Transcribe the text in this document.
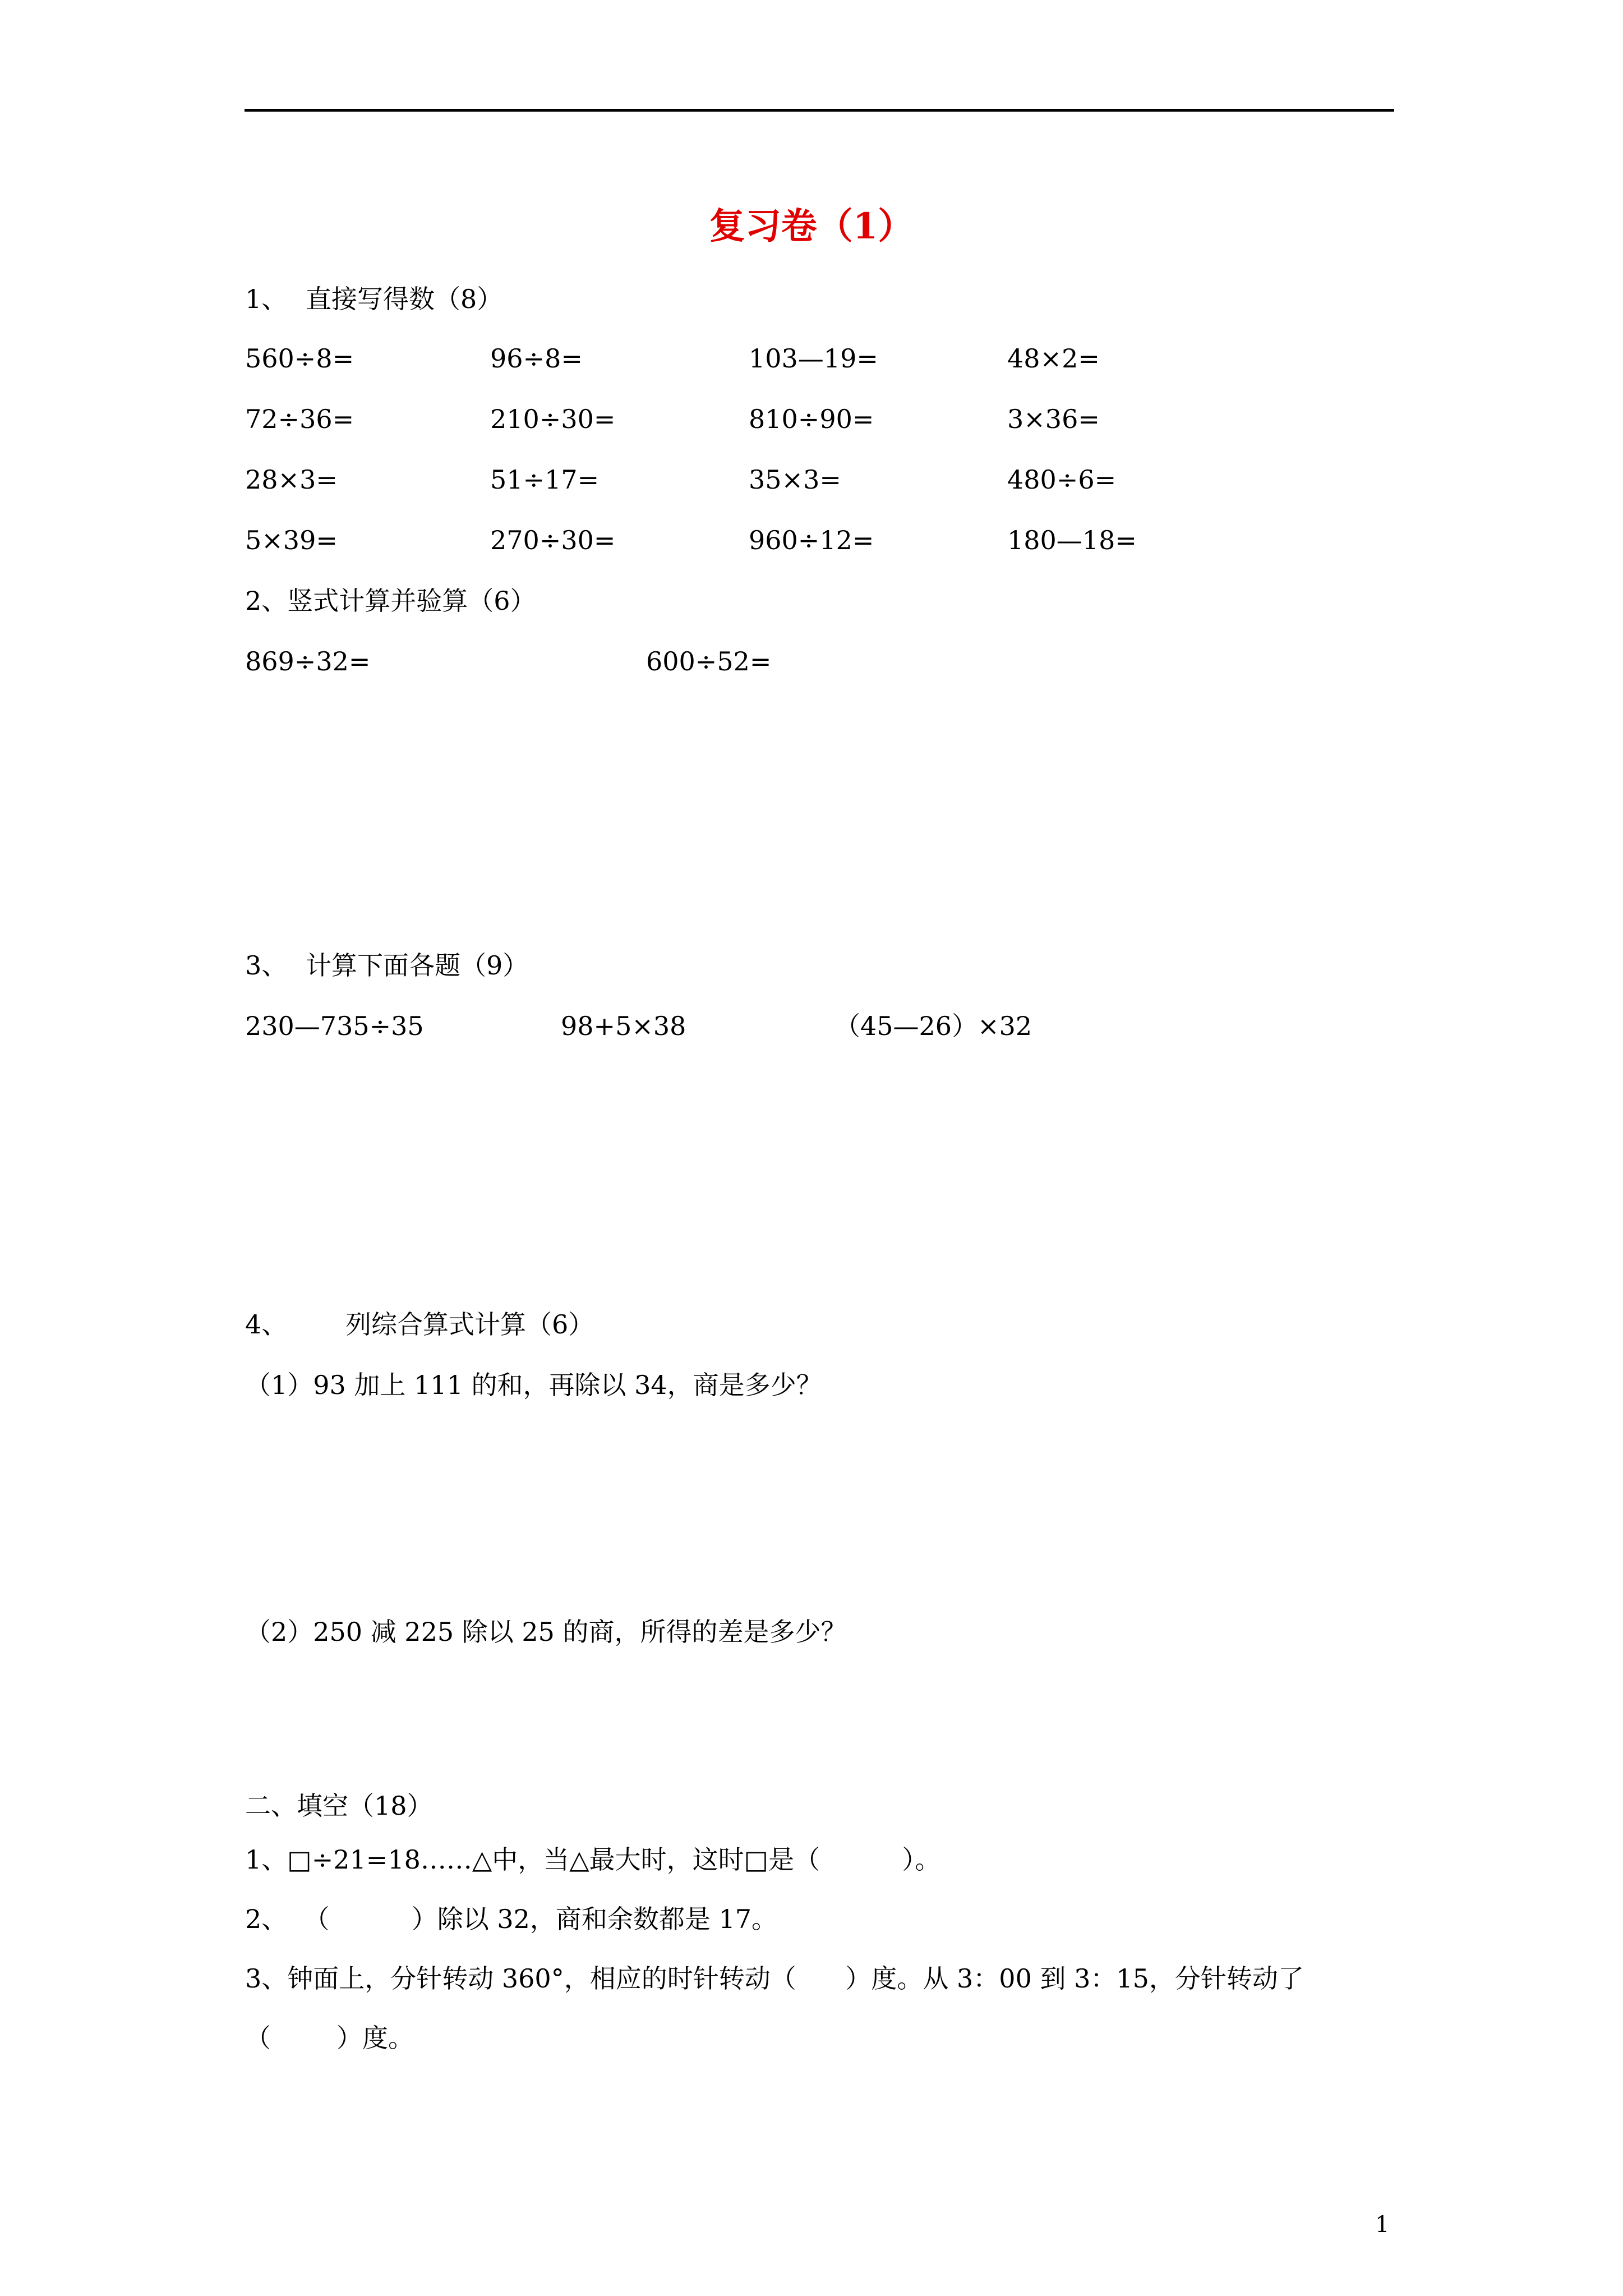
复习卷（1）
1、 直接写得数（8）
560÷8=	96÷8=	103—19=	48×2=
72÷36=	210÷30=	810÷90=	3×36=
28×3=	51÷17=	35×3=	480÷6=
5×39=	270÷30=	960÷12=	180—18=
2、竖式计算并验算（6）
869÷32=	600÷52=
3、 计算下面各题（9）
230—735÷35	98+5×38	（45—26）×32
4、 列综合算式计算（6）
（1）93 加上 111 的和，再除以 34，商是多少？
（2）250 减 225 除以 25 的商，所得的差是多少？
二、填空（18）
1、□÷21=18……△中，当△最大时，这时□是（          ）。
2、  （          ）除以 32，商和余数都是 17。
3、钟面上，分针转动 360°，相应的时针转动（      ）度。从 3：00 到 3：15，分针转动了
（        ）度。
1
